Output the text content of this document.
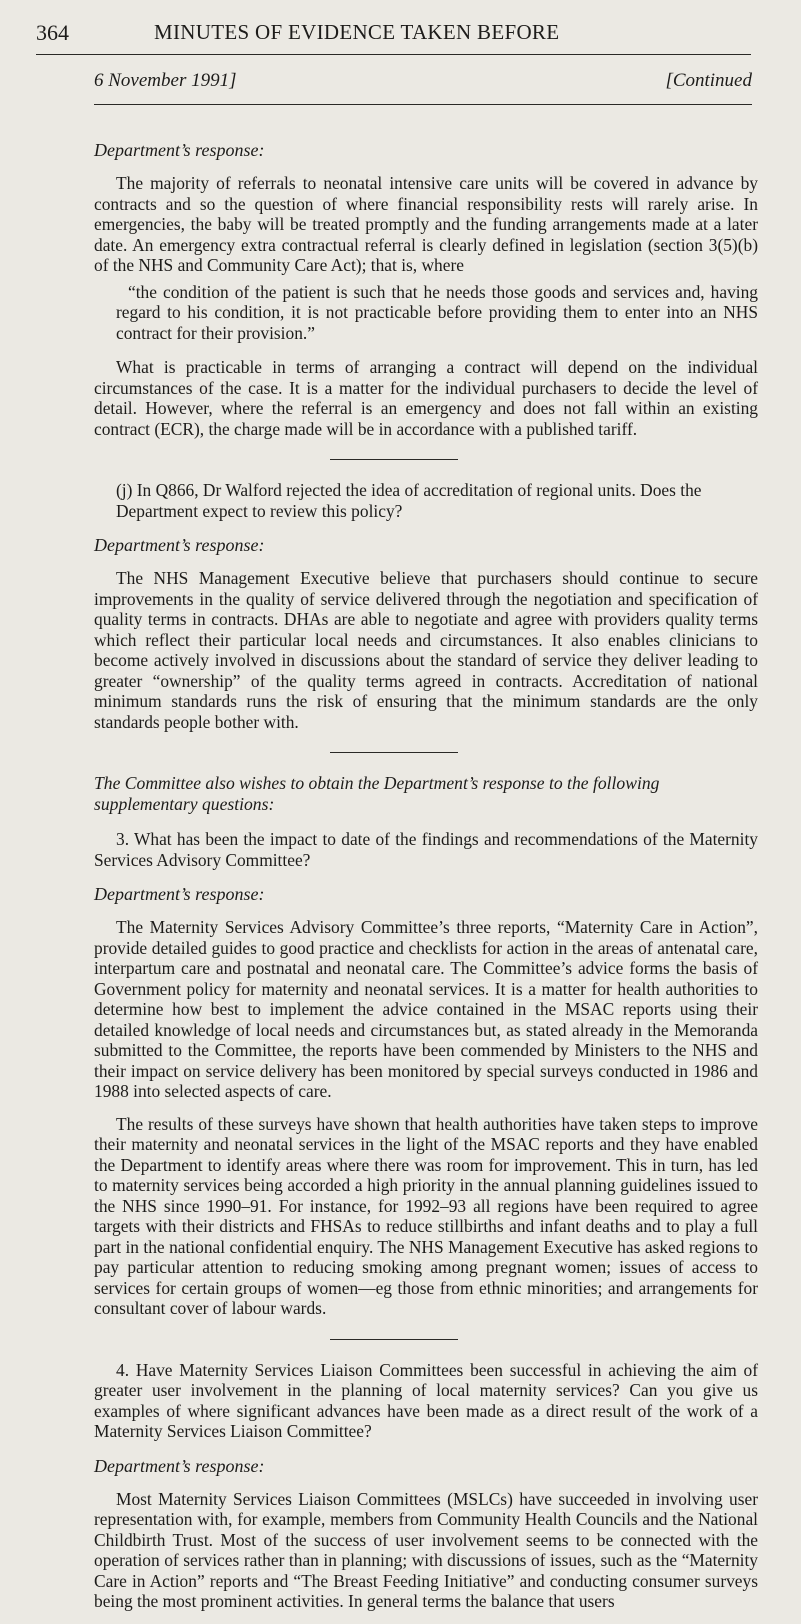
364	MINUTES OF EVIDENCE TAKEN BEFORE
6 November 1991]	[Continued
Department’s response:

The majority of referrals to neonatal intensive care units will be covered in advance by contracts and so the question of where financial responsibility rests will rarely arise. In emergencies, the baby will be treated promptly and the funding arrangements made at a later date. An emergency extra contractual referral is clearly defined in legislation (section 3(5)(b) of the NHS and Community Care Act); that is, where

“the condition of the patient is such that he needs those goods and services and, having regard to his condition, it is not practicable before providing them to enter into an NHS contract for their provision.”

What is practicable in terms of arranging a contract will depend on the individual circumstances of the case. It is a matter for the individual purchasers to decide the level of detail. However, where the referral is an emergency and does not fall within an existing contract (ECR), the charge made will be in accordance with a published tariff.

(j) In Q866, Dr Walford rejected the idea of accreditation of regional units. Does the Department expect to review this policy?

Department’s response:

The NHS Management Executive believe that purchasers should continue to secure improvements in the quality of service delivered through the negotiation and specification of quality terms in contracts. DHAs are able to negotiate and agree with providers quality terms which reflect their particular local needs and circumstances. It also enables clinicians to become actively involved in discussions about the standard of service they deliver leading to greater “ownership” of the quality terms agreed in contracts. Accreditation of national minimum standards runs the risk of ensuring that the minimum standards are the only standards people bother with.

The Committee also wishes to obtain the Department’s response to the following supplementary questions:

3. What has been the impact to date of the findings and recommendations of the Maternity Services Advisory Committee?

Department’s response:

The Maternity Services Advisory Committee’s three reports, “Maternity Care in Action”, provide detailed guides to good practice and checklists for action in the areas of antenatal care, interpartum care and postnatal and neonatal care. The Committee’s advice forms the basis of Government policy for maternity and neonatal services. It is a matter for health authorities to determine how best to implement the advice contained in the MSAC reports using their detailed knowledge of local needs and circumstances but, as stated already in the Memoranda submitted to the Committee, the reports have been commended by Ministers to the NHS and their impact on service delivery has been monitored by special surveys conducted in 1986 and 1988 into selected aspects of care.

The results of these surveys have shown that health authorities have taken steps to improve their maternity and neonatal services in the light of the MSAC reports and they have enabled the Department to identify areas where there was room for improvement. This in turn, has led to maternity services being accorded a high priority in the annual planning guidelines issued to the NHS since 1990–91. For instance, for 1992–93 all regions have been required to agree targets with their districts and FHSAs to reduce stillbirths and infant deaths and to play a full part in the national confidential enquiry. The NHS Management Executive has asked regions to pay particular attention to reducing smoking among pregnant women; issues of access to services for certain groups of women—eg those from ethnic minorities; and arrangements for consultant cover of labour wards.

4. Have Maternity Services Liaison Committees been successful in achieving the aim of greater user involvement in the planning of local maternity services? Can you give us examples of where significant advances have been made as a direct result of the work of a Maternity Services Liaison Committee?

Department’s response:

Most Maternity Services Liaison Committees (MSLCs) have succeeded in involving user representation with, for example, members from Community Health Councils and the National Childbirth Trust. Most of the success of user involvement seems to be connected with the operation of services rather than in planning; with discussions of issues, such as the “Maternity Care in Action” reports and “The Breast Feeding Initiative” and conducting consumer surveys being the most prominent activities. In general terms the balance that users
